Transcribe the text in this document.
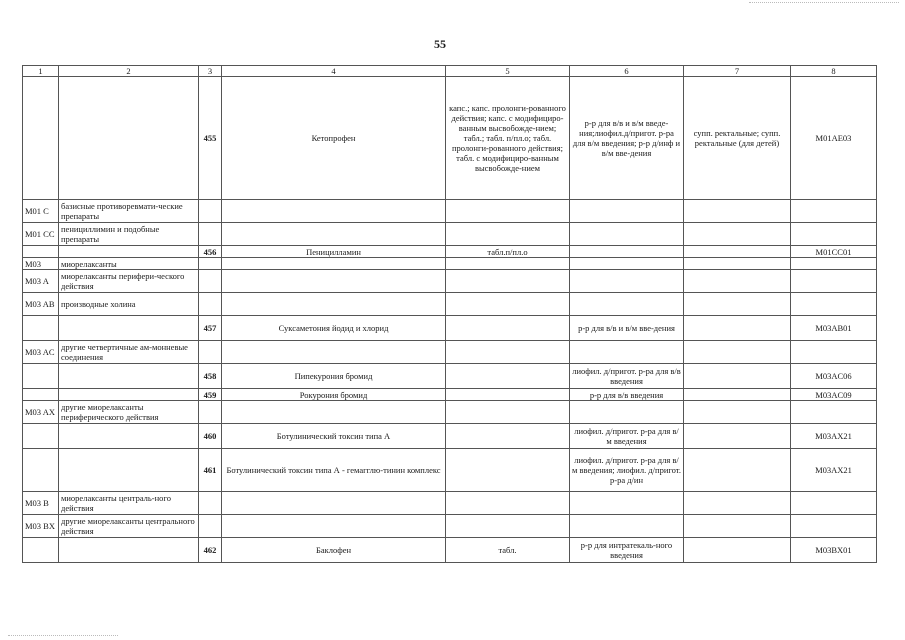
55
1	2	3	4	5	6	7	8
		455	Кетопрофен	капс.; капс. пролонги-рованного действия; капс. с модифициро-ванным высвобожде-нием; табл.; табл. п/пл.о; табл. пролонги-рованного действия; табл. с модифициро-ванным высвобожде-нием	р-р для в/в и в/м введе-ния;лиофил.д/пригот. р-ра для в/м введения; р-р д/инф и в/м вве-дения	супп. ректальные; супп. ректальные (для детей)	M01AE03
M01 C	базисные противоревмати-ческие препараты						
M01 CC	пенициллимин и подобные препараты						
		456	Пеницилламин	табл.п/пл.о			M01CC01
M03	миорелаксанты						
M03 A	миорелаксанты перифери-ческого действия						
M03 AB	производные холина						
		457	Суксаметония йодид и хлорид		р-р для в/в и в/м вве-дения		M03AB01
M03 AC	другие четвертичные ам-монневые соединения						
		458	Пипекурония бромид		лиофил. д/пригот. р-ра для в/в введения		M03AC06
		459	Рокурония бромид		р-р для в/в введения		M03AC09
M03 AX	другие миорелаксанты периферического действия						
		460	Ботулинический токсин типа А		лиофил. д/пригот. р-ра для в/м введения		M03AX21
		461	Ботулинический токсин типа А - гемагглю-тинин комплекс		лиофил. д/пригот. р-ра для в/м введения; лиофил. д/пригот. р-ра д/ин		M03AX21
M03 B	миорелаксанты централь-ного действия						
M03 BX	другие миорелаксанты центрального действия						
		462	Баклофен	табл.	р-р для интратекаль-ного введения		M03BX01
